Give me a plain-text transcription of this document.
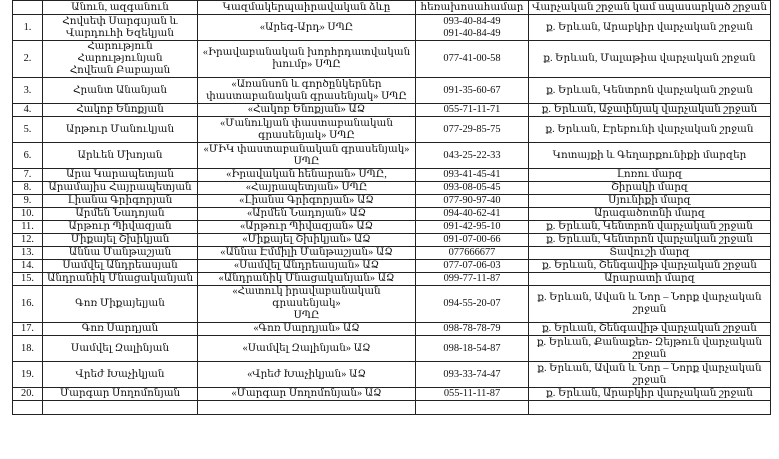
	Անուն, ազգանուն	Կազմակերպաիրավական ձևը	հեռախոսահամար	Վարչական շրջան կամ սպասարկած շրջան
1.	Հովսեփ Սարգսյան և
Վարդուհի Եզեկյան	«Արեգ-Արդ» ՍՊԸ	093-40-84-49
091-40-84-49	ք. Երևան, Արաբկիր վարչական շրջան

2.	Հարություն Հարությունյան
Հովեան Բաբայան	«Իրավաբանական խորհրդատվական
խումբ» ՍՊԸ	077-41-00-58	ք. Երևան, Մալաթիա վարչական շրջան

3.	Հրանտ Անանյան	«Առանսոն և գործընկերներ
փաստաբանական գրասենյակ» ՍՊԸ	091-35-60-67	ք. Երևան, Կենտրոն վարչական շրջան

4.	Հակոբ Ենոքյան	«Հակոբ Ենոքյան» ԱՁ	055-71-11-71	ք. Երևան, Աջափնյակ վարչական շրջան

5.	Արթուր Մանուկյան	«Մանուկյան փաստաբանական
գրասենյակ» ՍՊԸ	077-29-85-75	ք. Երևան, Էրեբունի վարչական շրջան

6.	Արևեն Մխոյան	«ՄԻԿ փաստաբանական գրասենյակ»
ՍՊԸ	043-25-22-33	Կոտայքի և Գեղարքունիքի մարզեր

7.	Արա Կարապետյան	«Իրավական հենարան» ՍՊԸ,	093-41-45-41	Լոռու մարզ

8.	Արամայիս Հայրապետյան	«Հայրապետյան» ՍՊԸ	093-08-05-45	Շիրակի մարզ

9.	Լիանա Գրիգորյան	«Լիանա Գրիգորյան» ԱՁ	077-90-97-40	Սյունիքի մարզ

10.	Արմեն Նադոյան	«Արմեն Նադոյան» ԱՁ	094-40-62-41	Արագածոտնի մարզ

11.	Արթուր Պիվազյան	«Արթուր Պիվազյան» ԱՁ	091-42-95-10	ք. Երևան, Կենտրոն վարչական շրջան

12.	Միքայել Շխիկյան	«Միքայել Շխիկյան» ԱՁ	091-07-00-66	ք. Երևան, Կենտրոն վարչական շրջան

13.	Աննա Մանթաշյան	«Աննա Էմմիլի Մանթաշյան» ԱՁ	077666677	Տավուշի մարզ

14.	Սամվել Անդրեասյան	«Սամվել Անդրեասյան» ԱՁ	077-07-06-03	ք. Երևան, Շենգավիթ վարչական շրջան

15.	Անդրանիկ Մնացականյան	«Անդրանիկ Մնացականյան» ԱՁ	099-77-11-87	Արարատի մարզ

16.	Գոռ Միքայելյան	«Հատուկ իրավաբանական գրասենյակ»
ՍՊԸ	094-55-20-07	ք. Երևան, Ավան և Նոր – Նորք վարչական
շրջան

17.	Գոռ Սարդյան	«Գոռ Սարդյան» ԱՁ	098-78-78-79	ք. Երևան, Շենգավիթ վարչական շրջան

18.	Սամվել Զալինյան	«Սամվել Զալինյան» ԱՁ	098-18-54-87	ք. Երևան, Քանաքեռ- Զեյթուն վարչական
շրջան

19.	Վրեժ Խաչիկյան	«Վրեժ Խաչիկյան» ԱՁ	093-33-74-47	ք. Երևան, Ավան և Նոր – Նորք վարչական
շրջան

20.	Մարգար Սողոմոնյան	«Մարգար Սողոմոնյան» ԱՁ	055-11-11-87	ք. Երևան, Արաբկիր վարչական շրջան
